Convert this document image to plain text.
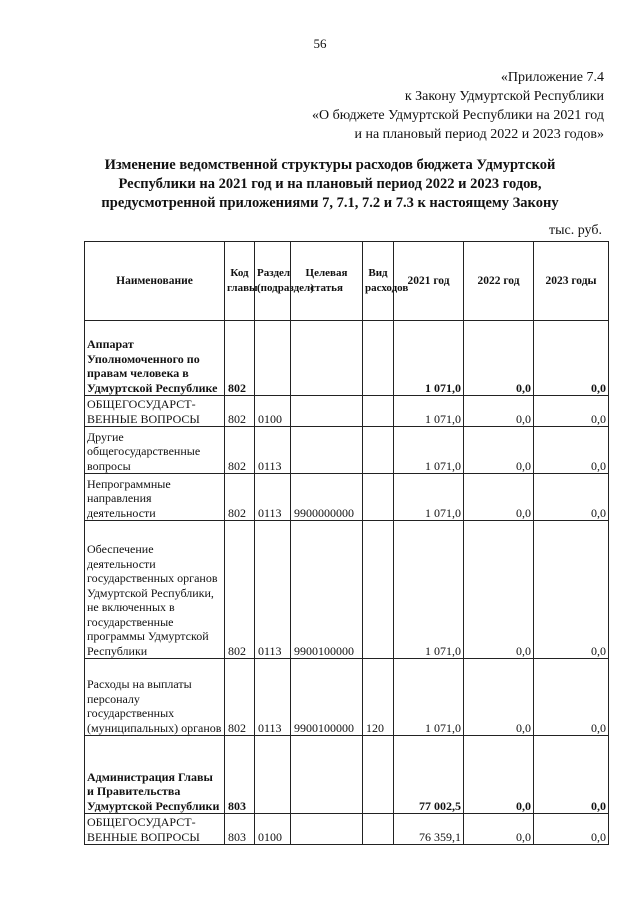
56
«Приложение 7.4
к Закону Удмуртской Республики
«О бюджете Удмуртской Республики на 2021 год
и на плановый период 2022 и 2023 годов»
Изменение ведомственной структуры расходов бюджета Удмуртской
Республики на 2021 год и на плановый период 2022 и 2023 годов,
предусмотренной приложениями 7, 7.1, 7.2 и 7.3 к настоящему Закону
тыс. руб.
Наименование	Код главы	Раздел (подраздел)	Целевая статья	Вид расходов	2021 год	2022 год	2023 годы
Аппарат Уполномоченного по правам человека в Удмуртской Республике	802				1 071,0	0,0	0,0
ОБЩЕГОСУДАРСТ-ВЕННЫЕ ВОПРОСЫ	802	0100			1 071,0	0,0	0,0
Другие общегосударственные вопросы	802	0113			1 071,0	0,0	0,0
Непрограммные направления деятельности	802	0113	9900000000		1 071,0	0,0	0,0
Обеспечение деятельности государственных органов Удмуртской Республики, не включенных в государственные программы Удмуртской Республики	802	0113	9900100000		1 071,0	0,0	0,0
Расходы на выплаты персоналу государственных (муниципальных) органов	802	0113	9900100000	120	1 071,0	0,0	0,0
Администрация Главы и Правительства Удмуртской Республики	803				77 002,5	0,0	0,0
ОБЩЕГОСУДАРСТ-ВЕННЫЕ ВОПРОСЫ	803	0100			76 359,1	0,0	0,0
